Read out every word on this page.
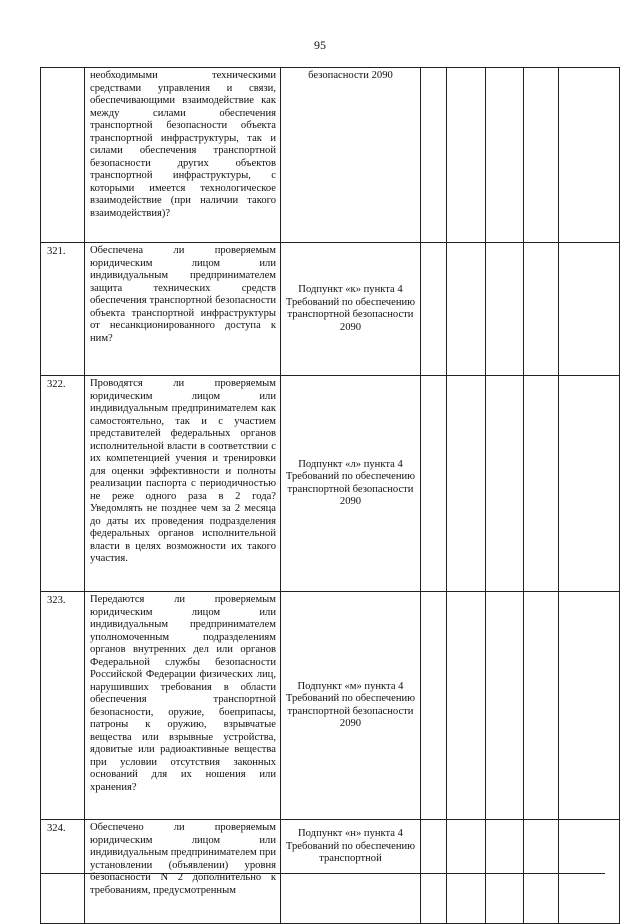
95

	необходимыми техническими средствами управления и связи, обеспечивающими взаимодействие как между силами обеспечения транспортной безопасности объекта транспортной инфраструктуры, так и силами обеспечения транспортной безопасности других объектов транспортной инфраструктуры, с которыми имеется технологическое взаимодействие (при наличии такого взаимодействия)?	безопасности 2090					

321.	Обеспечена ли проверяемым юридическим лицом или индивидуальным предпринимателем защита технических средств обеспечения транспортной безопасности объекта транспортной инфраструктуры от несанкционированного доступа к ним?	Подпункт «к» пункта 4 Требований по обеспечению транспортной безопасности 2090					

322.	Проводятся ли проверяемым юридическим лицом или индивидуальным предпринимателем как самостоятельно, так и с участием представителей федеральных органов исполнительной власти в соответствии с их компетенцией учения и тренировки для оценки эффективности и полноты реализации паспорта с периодичностью не реже одного раза в 2 года? Уведомлять не позднее чем за 2 месяца до даты их проведения подразделения федеральных органов исполнительной власти в целях возможности их такого участия.	Подпункт «л» пункта 4 Требований по обеспечению транспортной безопасности 2090					

323.	Передаются ли проверяемым юридическим лицом или индивидуальным предпринимателем уполномоченным подразделениям органов внутренних дел или органов Федеральной службы безопасности Российской Федерации физических лиц, нарушивших требования в области обеспечения транспортной безопасности, оружие, боеприпасы, патроны к оружию, взрывчатые вещества или взрывные устройства, ядовитые или радиоактивные вещества при условии отсутствия законных оснований для их ношения или хранения?	Подпункт «м» пункта 4 Требований по обеспечению транспортной безопасности 2090					

324.	Обеспечено ли проверяемым юридическим лицом или индивидуальным предпринимателем при установлении (объявлении) уровня безопасности N 2 дополнительно к требованиям, предусмотренным	Подпункт «н» пункта 4 Требований по обеспечению транспортной					
